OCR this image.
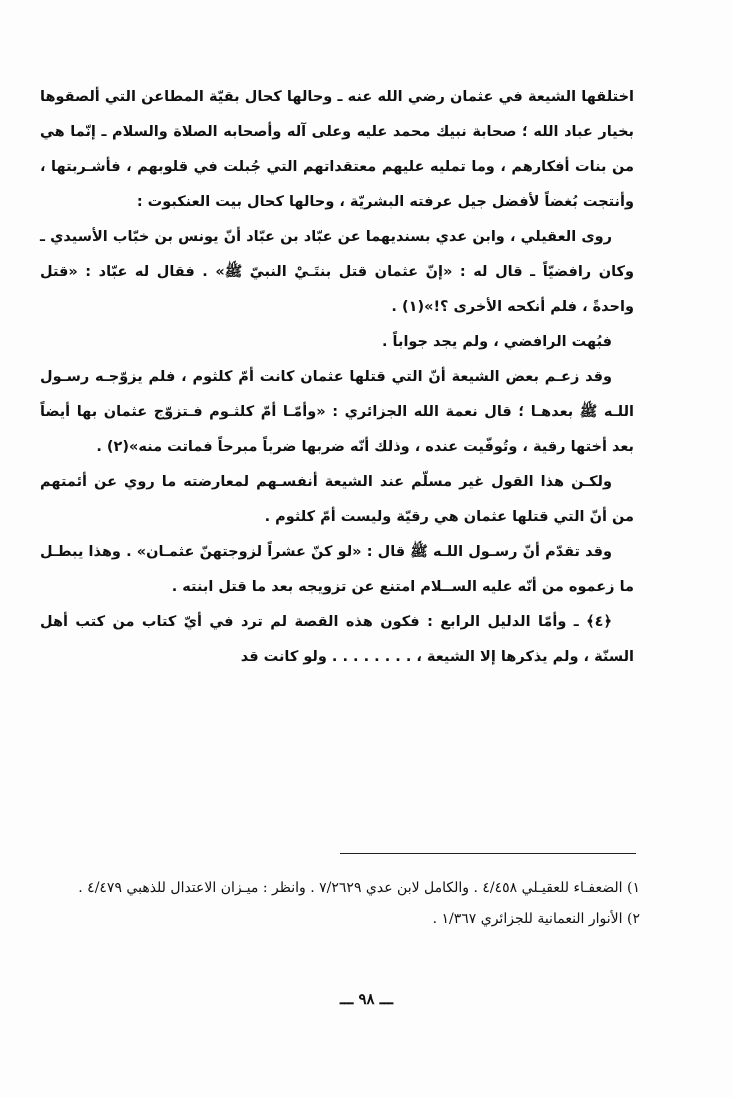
اختلقها الشيعة في عثمان رضي الله عنه ـ وحالها كحال بقيّة المطاعن التي ألصقوها بخيار عباد الله ؛ صحابة نبيك محمد عليه وعلى آله وأصحابه الصلاة والسلام ـ إنّما هي من بنات أفكارهم ، وما تمليه عليهم معتقداتهم التي جُبلت في قلوبهم ، فأشـربتها ، وأنتجت بُغضاً لأفضل جيل عرفته البشريّة ، وحالها كحال بيت العنكبوت :

روى العقيلي ، وابن عدي بسنديهما عن عبّاد بن عبّاد أنّ يونس بن خبّاب الأسيدي ـ وكان رافضيّاً ـ قال له : «إنّ عثمان قتل بنتَـيْ النبيّ ﷺ» . فقال له عبّاد : «قتل واحدةً ، فلم أنكحه الأخرى ؟!»(١) .

فبُهت الرافضي ، ولم يجد جواباً .

وقد زعـم بعض الشيعة أنّ التي قتلها عثمان كانت أمّ كلثوم ، فلم يزوّجـه رسـول اللـه ﷺ بعدهـا ؛ قال نعمة الله الجزائري : «وأمّـا أمّ كلثـوم فـتزوّج عثمان بها أيضاً بعد أختها رقية ، وتُوفّيت عنده ، وذلك أنّه ضربها ضرباً مبرحاً فماتت منه»(٢) .

ولكـن هذا القول غير مسلّم عند الشيعة أنفسـهم لمعارضته ما روي عن أئمتهم من أنّ التي قتلها عثمان هي رقيّة وليست أمّ كلثوم .

وقد تقدّم أنّ رسـول اللـه ﷺ قال : «لو كنّ عشراً لزوجتهنّ عثمـان» . وهذا يبطـل ما زعموه من أنّه عليه الســلام امتنع عن تزويجه بعد ما قتل ابنته .

﴿٤﴾ ـ وأمّا الدليل الرابع : فكون هذه القصة لم ترد في أيّ كتاب من كتب أهل السنّة ، ولم يذكرها إلا الشيعة ، . . . . . . . . ولو كانت قد

١) الضعفـاء للعقيـلي ٤/٤٥٨ . والكامل لابن عدي ٧/٢٦٢٩ . وانظر : ميـزان الاعتدال للذهبي ٤/٤٧٩ .

٢) الأنوار النعمانية للجزائري ١/٣٦٧ .

ـــ ٩٨ ـــ
